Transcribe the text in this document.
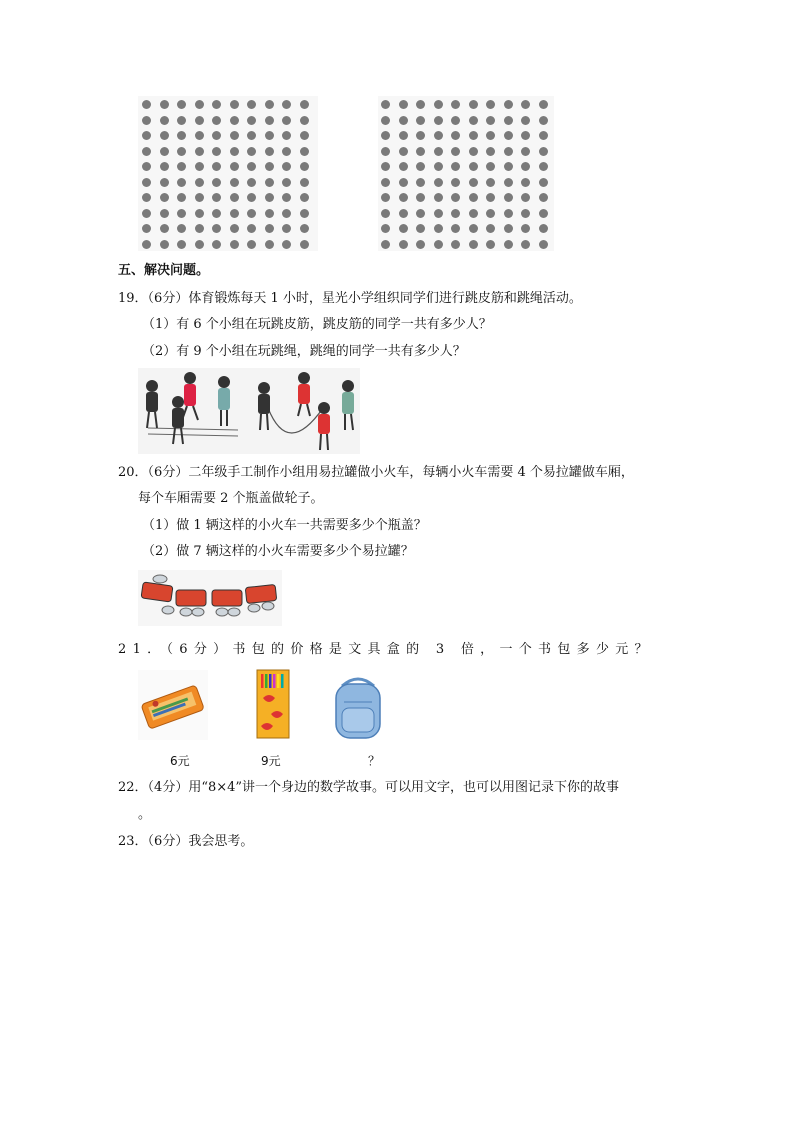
五、解决问题。
19．（6分）体育锻炼每天 1 小时，星光小学组织同学们进行跳皮筋和跳绳活动。
（1）有 6 个小组在玩跳皮筋，跳皮筋的同学一共有多少人？
（2）有 9 个小组在玩跳绳，跳绳的同学一共有多少人？
20．（6分）二年级手工制作小组用易拉罐做小火车，每辆小火车需要 4 个易拉罐做车厢，
每个车厢需要 2 个瓶盖做轮子。
（1）做 1 辆这样的小火车一共需要多少个瓶盖？
（2）做 7 辆这样的小火车需要多少个易拉罐？
21．（6分）书包的价格是文具盒的 3 倍，一个书包多少元？
6元	9元	？
22．（4分）用“8×4”讲一个身边的数学故事。可以用文字，也可以用图记录下你的故事
。
23．（6分）我会思考。
